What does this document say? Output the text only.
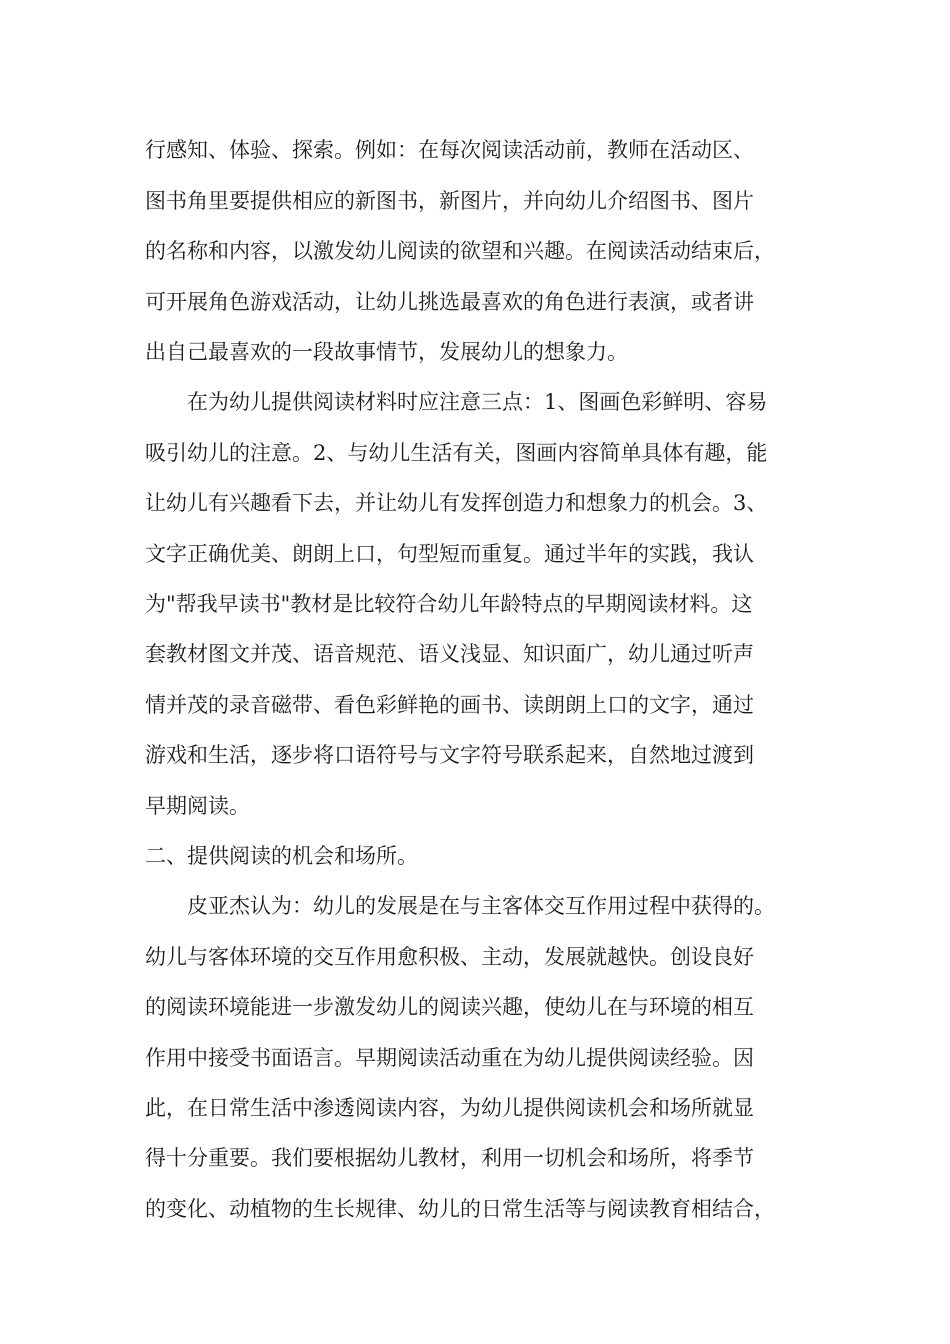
行感知、体验、探索。例如：在每次阅读活动前，教师在活动区、
图书角里要提供相应的新图书，新图片，并向幼儿介绍图书、图片
的名称和内容，以激发幼儿阅读的欲望和兴趣。在阅读活动结束后，
可开展角色游戏活动，让幼儿挑选最喜欢的角色进行表演，或者讲
出自己最喜欢的一段故事情节，发展幼儿的想象力。
在为幼儿提供阅读材料时应注意三点：1、图画色彩鲜明、容易
吸引幼儿的注意。2、与幼儿生活有关，图画内容简单具体有趣，能
让幼儿有兴趣看下去，并让幼儿有发挥创造力和想象力的机会。3、
文字正确优美、朗朗上口，句型短而重复。通过半年的实践，我认
为"帮我早读书"教材是比较符合幼儿年龄特点的早期阅读材料。这
套教材图文并茂、语音规范、语义浅显、知识面广，幼儿通过听声
情并茂的录音磁带、看色彩鲜艳的画书、读朗朗上口的文字，通过
游戏和生活，逐步将口语符号与文字符号联系起来，自然地过渡到
早期阅读。
二、提供阅读的机会和场所。
皮亚杰认为：幼儿的发展是在与主客体交互作用过程中获得的。
幼儿与客体环境的交互作用愈积极、主动，发展就越快。创设良好
的阅读环境能进一步激发幼儿的阅读兴趣，使幼儿在与环境的相互
作用中接受书面语言。早期阅读活动重在为幼儿提供阅读经验。因
此，在日常生活中渗透阅读内容，为幼儿提供阅读机会和场所就显
得十分重要。我们要根据幼儿教材，利用一切机会和场所，将季节
的变化、动植物的生长规律、幼儿的日常生活等与阅读教育相结合，
